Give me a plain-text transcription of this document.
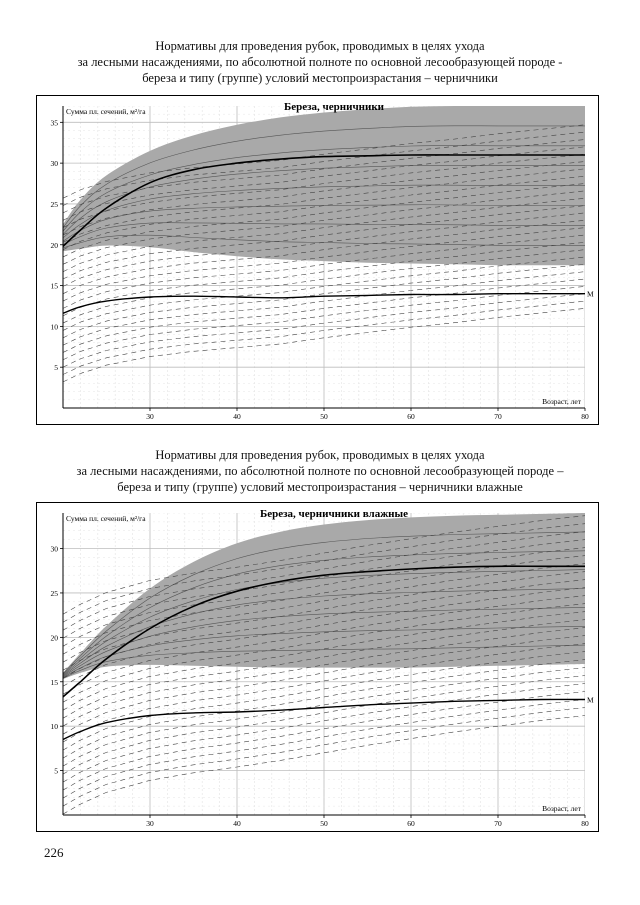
Нормативы для проведения рубок, проводимых в целях ухода
за лесными насаждениями, по абсолютной полноте по основной лесообразующей породе -
береза и типу (группе) условий местопроизрастания – черничники
5
10
15
20
25
30
35
30	40	50	60	70	80
Сумма пл. сечений, м²/га
Возраст, лет
Береза, черничники
M
Нормативы для проведения рубок, проводимых в целях ухода
за лесными насаждениями, по абсолютной полноте по основной лесообразующей породе –
береза и типу (группе) условий местопроизрастания – черничники влажные
5
10
15
20
25
30
30	40	50	60	70	80
Сумма пл. сечений, м²/га
Возраст, лет
Береза, черничники влажные
M
226
